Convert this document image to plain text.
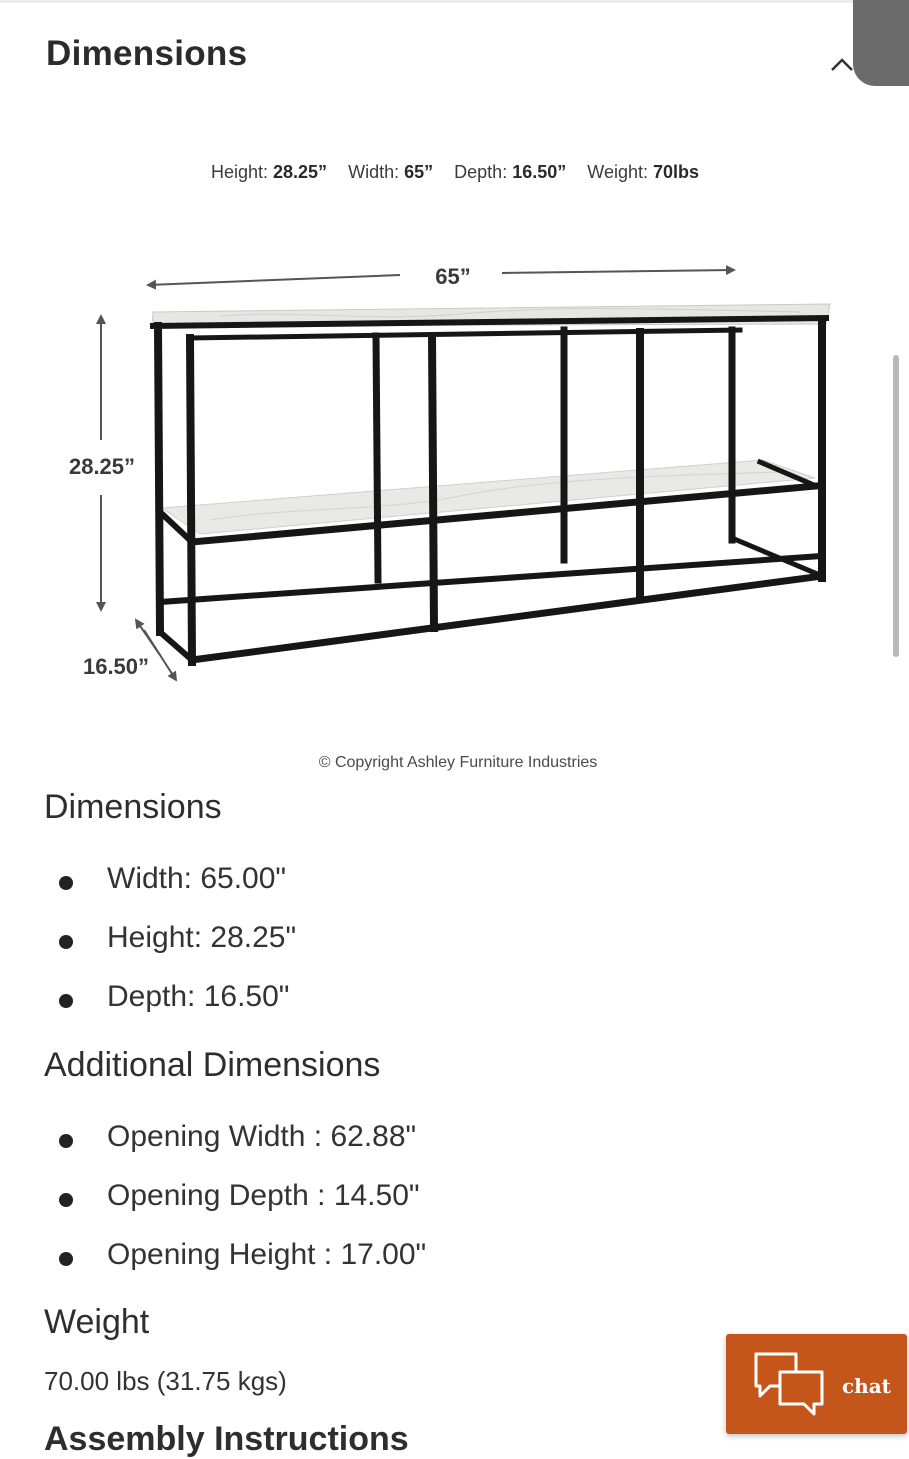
Dimensions
Height: 28.25” Width: 65” Depth: 16.50” Weight: 70lbs
65”
28.25”
16.50”
© Copyright Ashley Furniture Industries
Dimensions
Width: 65.00"
Height: 28.25"
Depth: 16.50"
Additional Dimensions
Opening Width : 62.88"
Opening Depth : 14.50"
Opening Height : 17.00"
Weight
70.00 lbs (31.75 kgs)
Assembly Instructions
chat
